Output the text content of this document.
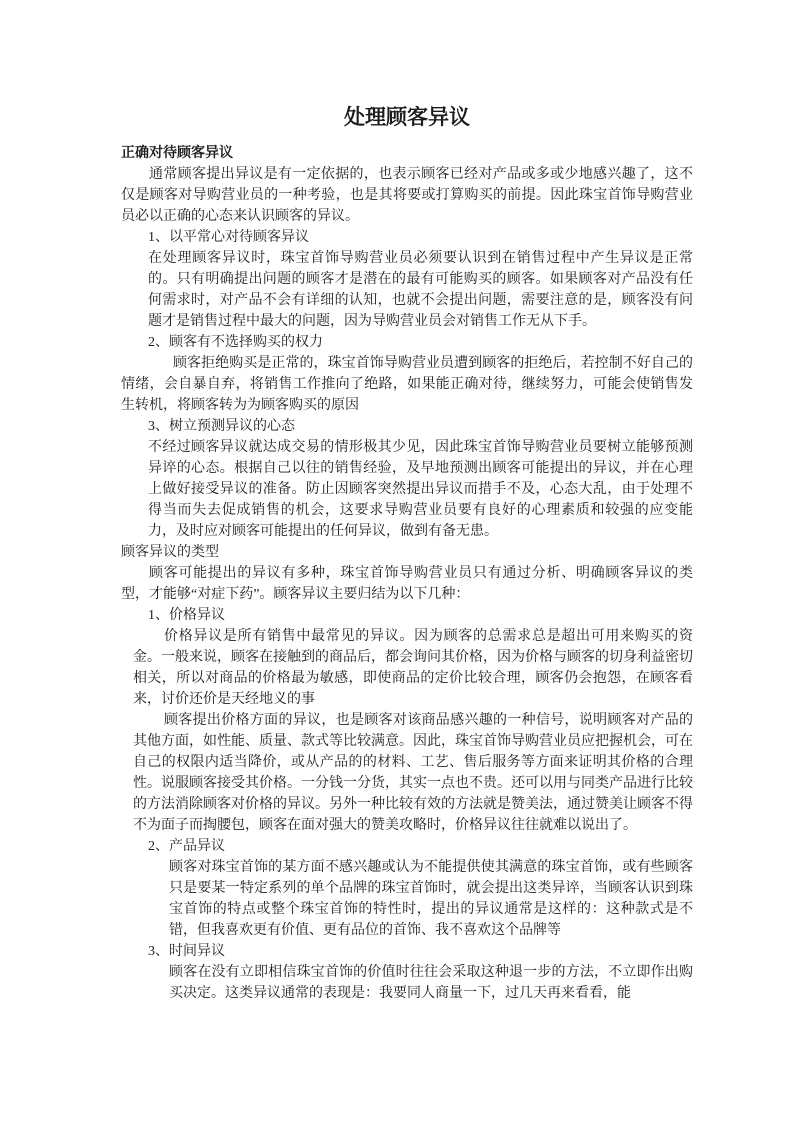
处理顾客异议
正确对待顾客异议

通常顾客提出异议是有一定依据的，也表示顾客已经对产品或多或少地感兴趣了，这不仅是顾客对导购营业员的一种考验，也是其将要或打算购买的前提。因此珠宝首饰导购营业员必以正确的心态来认识顾客的异议。

1、以平常心对待顾客异议

在处理顾客异议时，珠宝首饰导购营业员必须要认识到在销售过程中产生异议是正常的。只有明确提出问题的顾客才是潜在的最有可能购买的顾客。如果顾客对产品没有任何需求时，对产品不会有详细的认知，也就不会提出问题，需要注意的是，顾客没有问题才是销售过程中最大的问题，因为导购营业员会对销售工作无从下手。

2、顾客有不选择购买的权力

顾客拒绝购买是正常的，珠宝首饰导购营业员遭到顾客的拒绝后，若控制不好自己的情绪，会自暴自弃，将销售工作推向了绝路，如果能正确对待，继续努力，可能会使销售发生转机，将顾客转为为顾客购买的原因

3、树立预测异议的心态

不经过顾客异议就达成交易的情形极其少见，因此珠宝首饰导购营业员要树立能够预测异谇的心态。根据自己以往的销售经验，及早地预测出顾客可能提出的异议，并在心理上做好接受异议的准备。防止因顾客突然提出异议而措手不及，心态大乱，由于处理不得当而失去促成销售的机会，这要求导购营业员要有良好的心理素质和较强的应变能力，及时应对顾客可能提出的任何异议，做到有备无患。

顾客异议的类型

顾客可能提出的异议有多种，珠宝首饰导购营业员只有通过分析、明确顾客异议的类型，才能够“对症下药”。顾客异议主要归结为以下几种：

1、价格异议

价格异议是所有销售中最常见的异议。因为顾客的总需求总是超出可用来购买的资金。一般来说，顾客在接触到的商品后，都会询问其价格，因为价格与顾客的切身利益密切相关，所以对商品的价格最为敏感，即使商品的定价比较合理，顾客仍会抱怨，在顾客看来，讨价还价是天经地义的事

顾客提出价格方面的异议，也是顾客对该商品感兴趣的一种信号，说明顾客对产品的其他方面，如性能、质量、款式等比较满意。因此，珠宝首饰导购营业员应把握机会，可在自己的权限内适当降价，或从产品的的材料、工艺、售后服务等方面来证明其价格的合理性。说服顾客接受其价格。一分钱一分货，其实一点也不贵。还可以用与同类产品进行比较的方法消除顾客对价格的异议。另外一种比较有效的方法就是赞美法，通过赞美让顾客不得不为面子而掏腰包，顾客在面对强大的赞美攻略时，价格异议往往就难以说出了。

2、产品异议

顾客对珠宝首饰的某方面不感兴趣或认为不能提供使其满意的珠宝首饰，或有些顾客只是要某一特定系列的单个品牌的珠宝首饰时，就会提出这类异谇，当顾客认识到珠宝首饰的特点或整个珠宝首饰的特性时，提出的异议通常是这样的：这种款式是不错，但我喜欢更有价值、更有品位的首饰、我不喜欢这个品牌等

3、时间异议

顾客在没有立即相信珠宝首饰的价值时往往会采取这种退一步的方法，不立即作出购买决定。这类异议通常的表现是：我要同人商量一下，过几天再来看看，能
